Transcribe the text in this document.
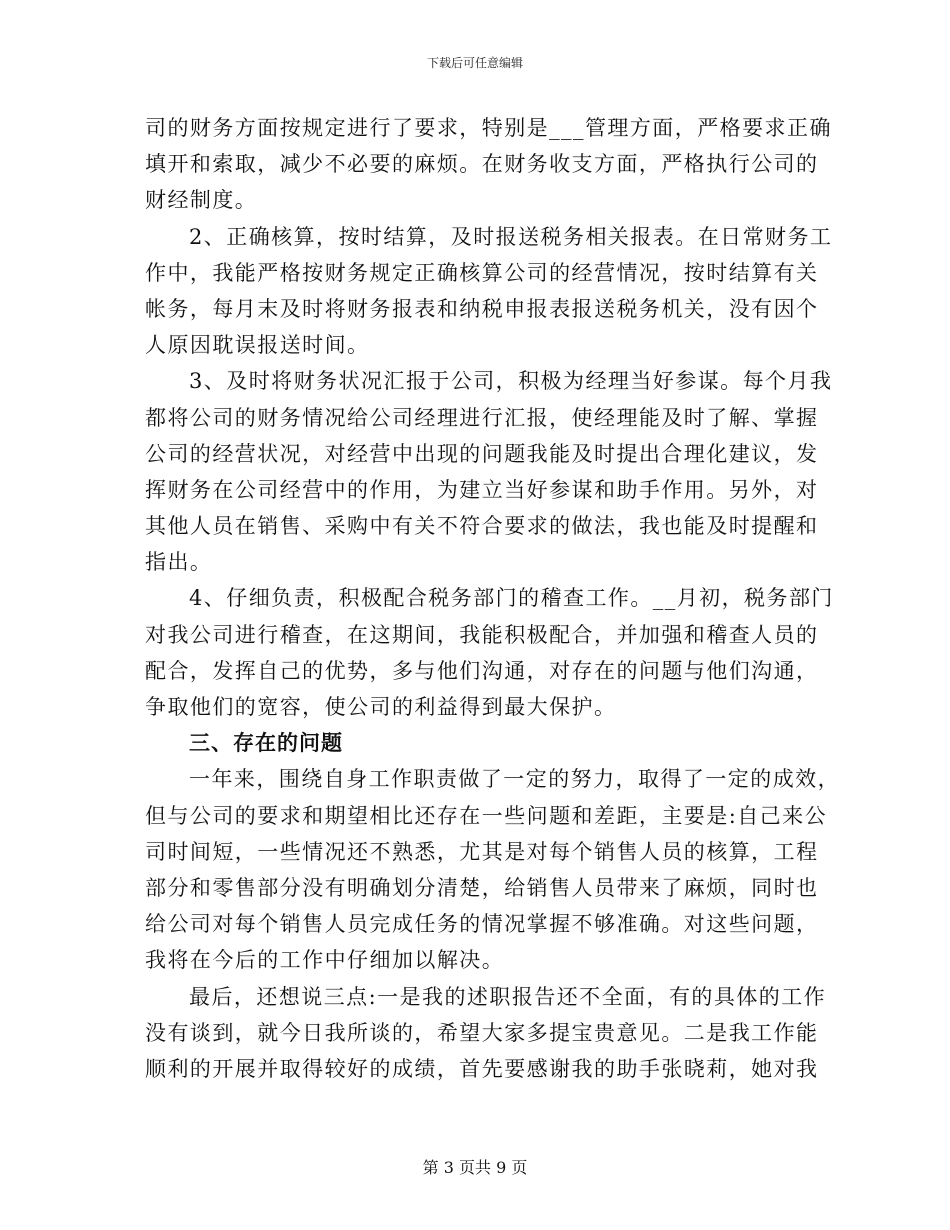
下载后可任意编辑
司的财务方面按规定进行了要求，特别是___管理方面，严格要求正确
填开和索取，减少不必要的麻烦。在财务收支方面，严格执行公司的
财经制度。
2、正确核算，按时结算，及时报送税务相关报表。在日常财务工
作中，我能严格按财务规定正确核算公司的经营情况，按时结算有关
帐务，每月末及时将财务报表和纳税申报表报送税务机关，没有因个
人原因耽误报送时间。
3、及时将财务状况汇报于公司，积极为经理当好参谋。每个月我
都将公司的财务情况给公司经理进行汇报，使经理能及时了解、掌握
公司的经营状况，对经营中出现的问题我能及时提出合理化建议，发
挥财务在公司经营中的作用，为建立当好参谋和助手作用。另外，对
其他人员在销售、采购中有关不符合要求的做法，我也能及时提醒和
指出。
4、仔细负责，积极配合税务部门的稽查工作。__月初，税务部门
对我公司进行稽查，在这期间，我能积极配合，并加强和稽查人员的
配合，发挥自己的优势，多与他们沟通，对存在的问题与他们沟通，
争取他们的宽容，使公司的利益得到最大保护。
三、存在的问题
一年来，围绕自身工作职责做了一定的努力，取得了一定的成效，
但与公司的要求和期望相比还存在一些问题和差距，主要是:自己来公
司时间短，一些情况还不熟悉，尤其是对每个销售人员的核算，工程
部分和零售部分没有明确划分清楚，给销售人员带来了麻烦，同时也
给公司对每个销售人员完成任务的情况掌握不够准确。对这些问题，
我将在今后的工作中仔细加以解决。
最后，还想说三点:一是我的述职报告还不全面，有的具体的工作
没有谈到，就今日我所谈的，希望大家多提宝贵意见。二是我工作能
顺利的开展并取得较好的成绩，首先要感谢我的助手张晓莉，她对我
第 3 页共 9 页
